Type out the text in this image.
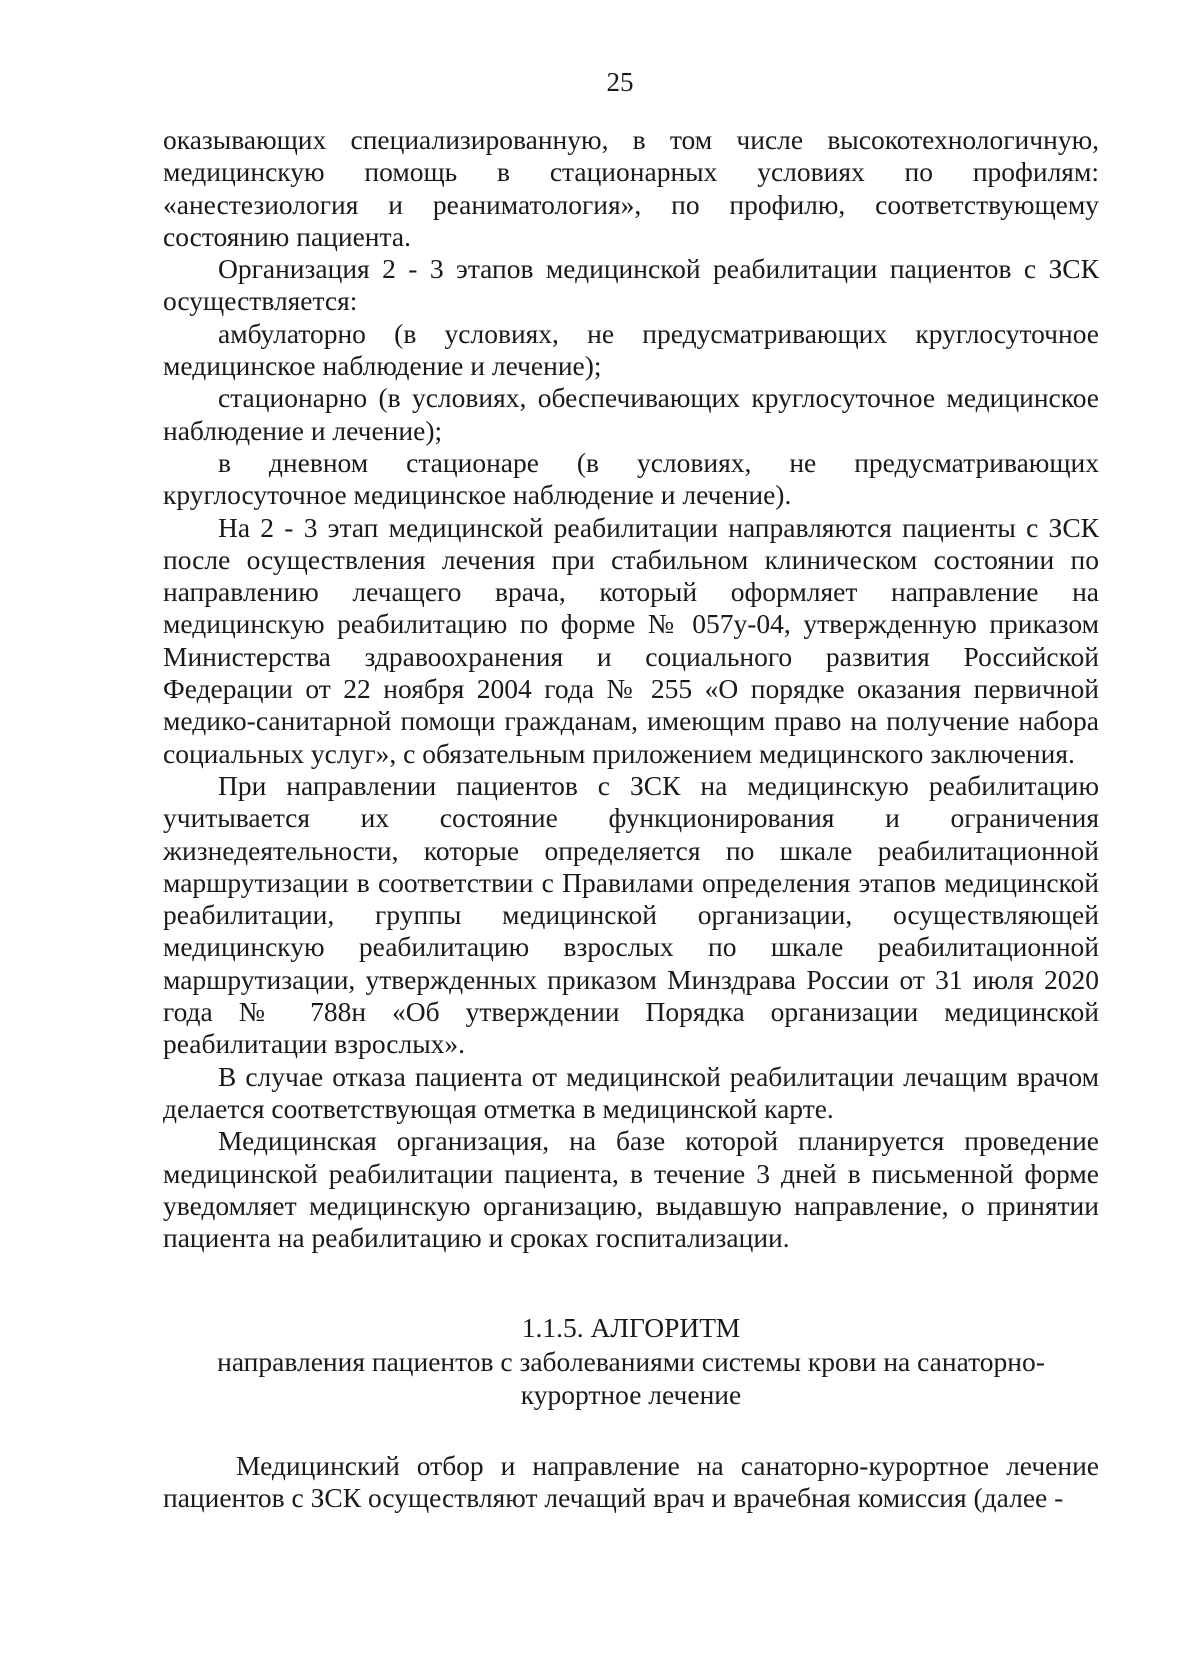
25

оказывающих специализированную, в том числе высокотехнологичную, медицинскую помощь в стационарных условиях по профилям: «анестезиология и реаниматология», по профилю, соответствующему состоянию пациента.

Организация 2 - 3 этапов медицинской реабилитации пациентов с ЗСК осуществляется:

амбулаторно (в условиях, не предусматривающих круглосуточное медицинское наблюдение и лечение);

стационарно (в условиях, обеспечивающих круглосуточное медицинское наблюдение и лечение);

в дневном стационаре (в условиях, не предусматривающих круглосуточное медицинское наблюдение и лечение).

На 2 - 3 этап медицинской реабилитации направляются пациенты с ЗСК после осуществления лечения при стабильном клиническом состоянии по направлению лечащего врача, который оформляет направление на медицинскую реабилитацию по форме № 057у-04, утвержденную приказом Министерства здравоохранения и социального развития Российской Федерации от 22 ноября 2004 года № 255 «О порядке оказания первичной медико-санитарной помощи гражданам, имеющим право на получение набора социальных услуг», с обязательным приложением медицинского заключения.

При направлении пациентов с ЗСК на медицинскую реабилитацию учитывается их состояние функционирования и ограничения жизнедеятельности, которые определяется по шкале реабилитационной маршрутизации в соответствии с Правилами определения этапов медицинской реабилитации, группы медицинской организации, осуществляющей медицинскую реабилитацию взрослых по шкале реабилитационной маршрутизации, утвержденных приказом Минздрава России от 31 июля 2020 года № 788н «Об утверждении Порядка организации медицинской реабилитации взрослых».

В случае отказа пациента от медицинской реабилитации лечащим врачом делается соответствующая отметка в медицинской карте.

Медицинская организация, на базе которой планируется проведение медицинской реабилитации пациента, в течение 3 дней в письменной форме уведомляет медицинскую организацию, выдавшую направление, о принятии пациента на реабилитацию и сроках госпитализации.

1.1.5. АЛГОРИТМ
направления пациентов с заболеваниями системы крови на санаторно-курортное лечение

Медицинский отбор и направление на санаторно-курортное лечение пациентов с ЗСК осуществляют лечащий врач и врачебная комиссия (далее -
